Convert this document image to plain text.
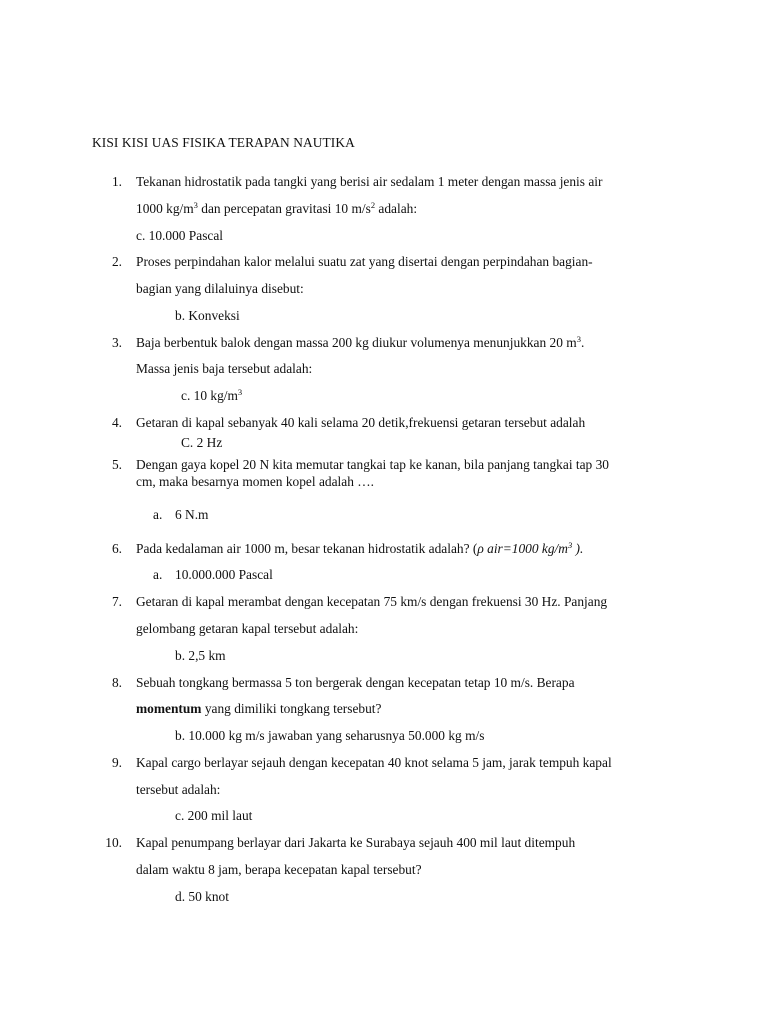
KISI KISI UAS FISIKA TERAPAN NAUTIKA
1. Tekanan hidrostatik pada tangki yang berisi air sedalam 1 meter dengan massa jenis air
1000 $kg/m^3$ dan percepatan gravitasi 10 $m/s^2$ adalah:
c. 10.000 Pascal
2. Proses perpindahan kalor melalui suatu zat yang disertai dengan perpindahan bagian-
bagian yang dilaluinya disebut:
b. Konveksi
3. Baja berbentuk balok dengan massa 200 kg diukur volumenya menunjukkan 20 $m^3$.
Massa jenis baja tersebut adalah:
c. 10 $kg/m^3$
4. Getaran di kapal sebanyak 40 kali selama 20 detik,frekuensi getaran tersebut adalah
C. 2 Hz
5. Dengan gaya kopel 20 N kita memutar tangkai tap ke kanan, bila panjang tangkai tap 30
cm, maka besarnya momen kopel adalah ….
a. 6 N.m
6. Pada kedalaman air 1000 m, besar tekanan hidrostatik adalah? (ρ air=1000 $kg/m^3$ ).
a. 10.000.000 Pascal
7. Getaran di kapal merambat dengan kecepatan 75 km/s dengan frekuensi 30 Hz. Panjang
gelombang getaran kapal tersebut adalah:
b. 2,5 km
8. Sebuah tongkang bermassa 5 ton bergerak dengan kecepatan tetap 10 m/s. Berapa
momentum yang dimiliki tongkang tersebut?
b. 10.000 kg m/s jawaban yang seharusnya 50.000 kg m/s
9. Kapal cargo berlayar sejauh dengan kecepatan 40 knot selama 5 jam, jarak tempuh kapal
tersebut adalah:
c. 200 mil laut
10. Kapal penumpang berlayar dari Jakarta ke Surabaya sejauh 400 mil laut ditempuh
dalam waktu 8 jam, berapa kecepatan kapal tersebut?
d. 50 knot
